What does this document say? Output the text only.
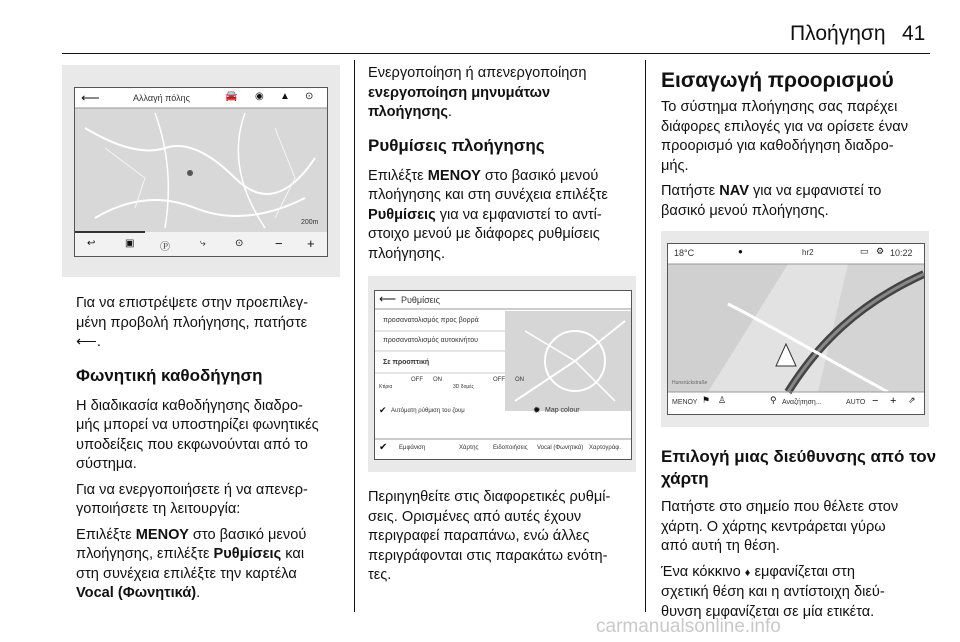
Πλοήγηση 41
⟵	Αλλαγή πόλης	🚘 ◉ ▲ ⊙
200m
↩	▣	Ⓟ	⤷	⊙ − +

Για να επιστρέψετε στην προεπιλεγ-

μένη προβολή πλοήγησης, πατήστε

⟵.

Φωνητική καθοδήγηση

Η διαδικασία καθοδήγησης διαδρο-

μής μπορεί να υποστηρίζει φωνητικές

υποδείξεις που εκφωνούνται από το

σύστημα.

Για να ενεργοποιήσετε ή να απενερ-

γοποιήσετε τη λειτουργία:

Επιλέξτε ΜΕΝΟΥ στο βασικό μενού

πλοήγησης, επιλέξτε Ρυθμίσεις και

στη συνέχεια επιλέξτε την καρτέλα

Vocal (Φωνητικά).

Ενεργοποίηση ή απενεργοποίηση

ενεργοποίηση μηνυμάτων

πλοήγησης.

Ρυθμίσεις πλοήγησης

Επιλέξτε ΜΕΝΟΥ στο βασικό μενού

πλοήγησης και στη συνέχεια επιλέξτε

Ρυθμίσεις για να εμφανιστεί το αντί-

στοιχο μενού με διάφορες ρυθμίσεις

πλοήγησης.

⟵ Ρυθμίσεις
προσανατολισμός προς βορρά
προσανατολισμός αυτοκινήτου
Σε προοπτική
Κτίρια
OFF ON
3D δομές
OFF ON
✔ Αυτόματη ρύθμιση του ζουμ	✹ Map colour
✔ Εμφάνιση	Χάρτης Ειδοποιήσεις Vocal (Φωνητικά) Χαρτογράφ.

Περιηγηθείτε στις διαφορετικές ρυθμί-

σεις. Ορισμένες από αυτές έχουν

περιγραφεί παραπάνω, ενώ άλλες

περιγράφονται στις παρακάτω ενότη-

τες.

Εισαγωγή προορισμού

Το σύστημα πλοήγησης σας παρέχει

διάφορες επιλογές για να ορίσετε έναν

προορισμό για καθοδήγηση διαδρο-

μής.

Πατήστε NAV για να εμφανιστεί το

βασικό μενού πλοήγησης.

18°C	●	hr2	▭ ⚙ 10:22
Hunsrückstraße
ΜΕΝΟΥ ⚑ ♙	⚲ Αναζήτηση...	AUTO − + ⇗
Επιλογή μιας διεύθυνσης από τον
χάρτη

Πατήστε στο σημείο που θέλετε στον

χάρτη. Ο χάρτης κεντράρεται γύρω

από αυτή τη θέση.

Ένα κόκκινο ♦ εμφανίζεται στη

σχετική θέση και η αντίστοιχη διεύ-

θυνση εμφανίζεται σε μία ετικέτα.

carmanualsonline.info
